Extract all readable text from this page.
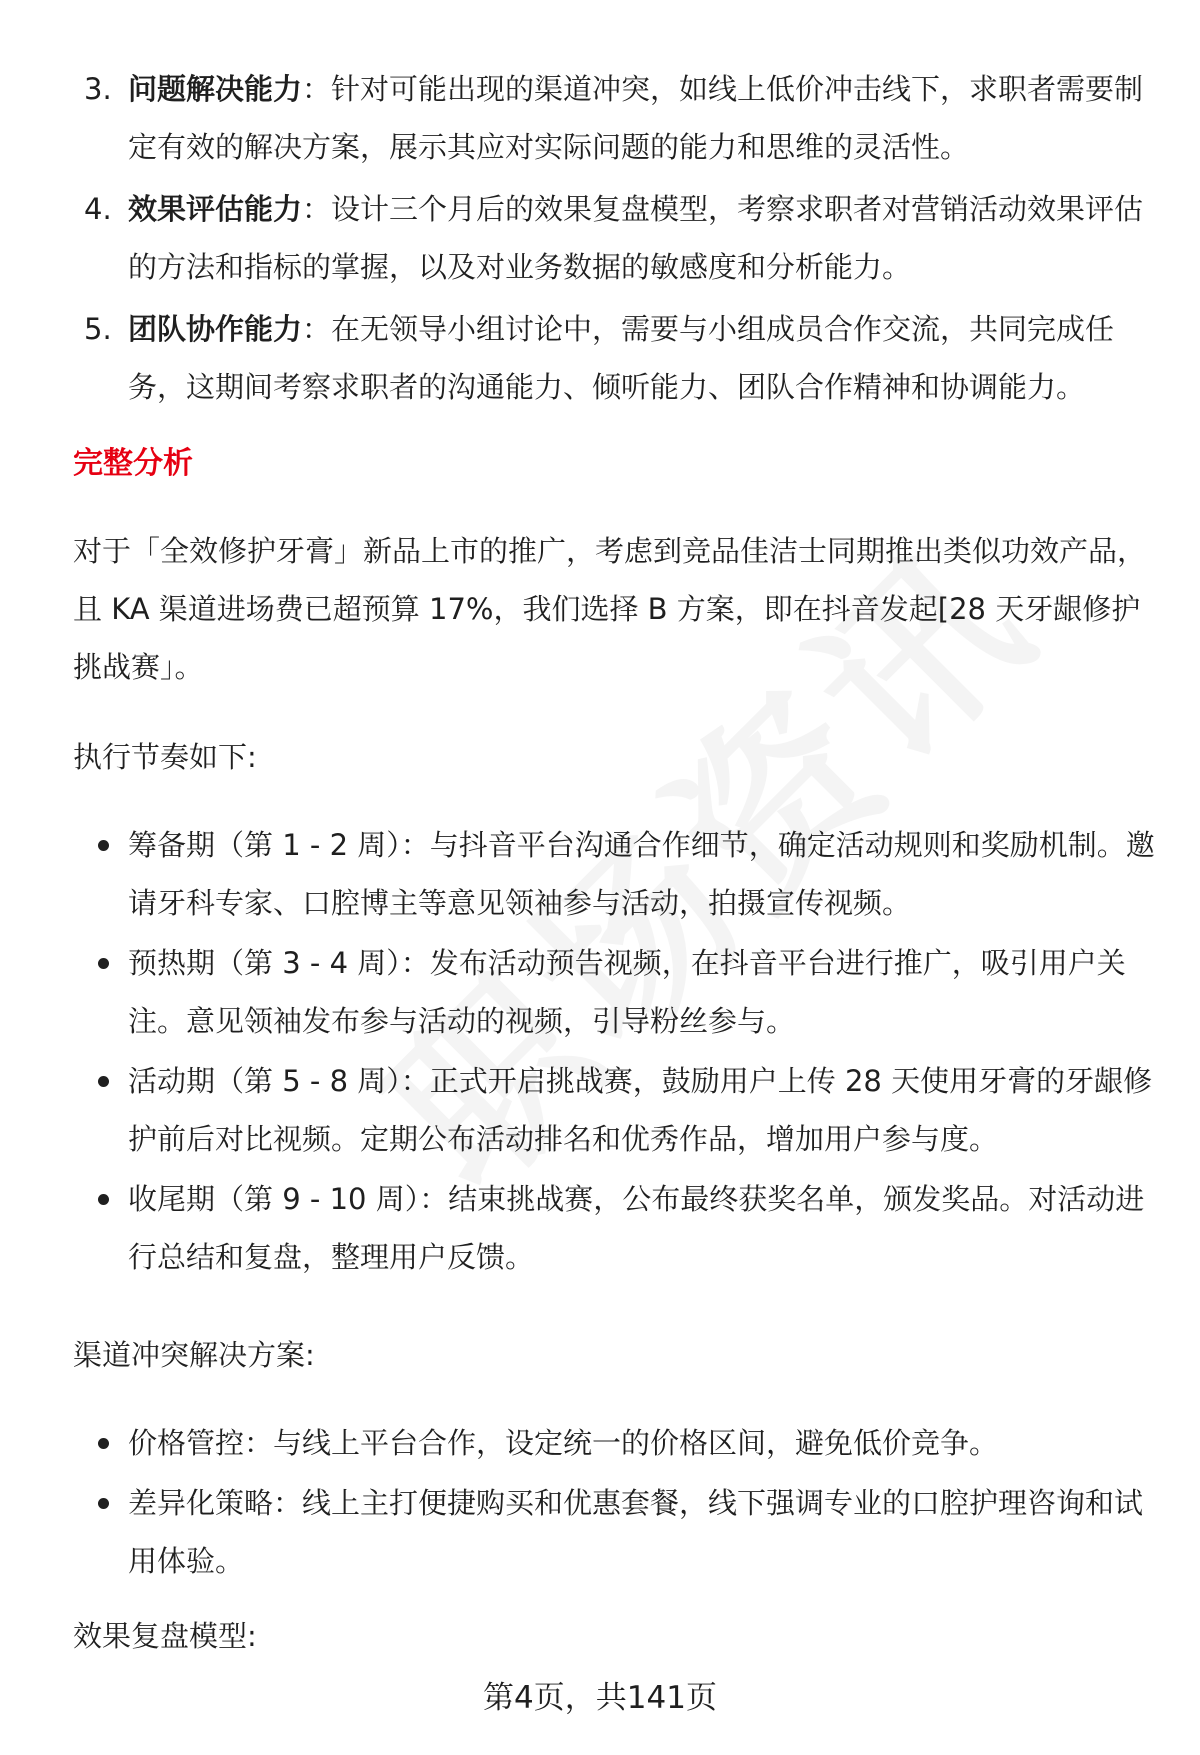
3. 问题解决能力：针对可能出现的渠道冲突，如线上低价冲击线下，求职者需要制定有效的解决方案，展示其应对实际问题的能力和思维的灵活性。
4. 效果评估能力：设计三个月后的效果复盘模型，考察求职者对营销活动效果评估的方法和指标的掌握，以及对业务数据的敏感度和分析能力。
5. 团队协作能力：在无领导小组讨论中，需要与小组成员合作交流，共同完成任务，这期间考察求职者的沟通能力、倾听能力、团队合作精神和协调能力。
完整分析

对于「全效修护牙膏」新品上市的推广，考虑到竞品佳洁士同期推出类似功效产品，且 KA 渠道进场费已超预算 17%，我们选择 B 方案，即在抖音发起[28 天牙龈修护挑战赛」。

执行节奏如下:

筹备期（第 1 - 2 周）：与抖音平台沟通合作细节，确定活动规则和奖励机制。邀请牙科专家、口腔博主等意见领袖参与活动，拍摄宣传视频。
预热期（第 3 - 4 周）：发布活动预告视频，在抖音平台进行推广，吸引用户关注。意见领袖发布参与活动的视频，引导粉丝参与。
活动期（第 5 - 8 周）：正式开启挑战赛，鼓励用户上传 28 天使用牙膏的牙龈修护前后对比视频。定期公布活动排名和优秀作品，增加用户参与度。
收尾期（第 9 - 10 周）：结束挑战赛，公布最终获奖名单，颁发奖品。对活动进行总结和复盘，整理用户反馈。

渠道冲突解决方案:

价格管控：与线上平台合作，设定统一的价格区间，避免低价竞争。
差异化策略：线上主打便捷购买和优惠套餐，线下强调专业的口腔护理咨询和试用体验。

效果复盘模型:

第4页，共141页
